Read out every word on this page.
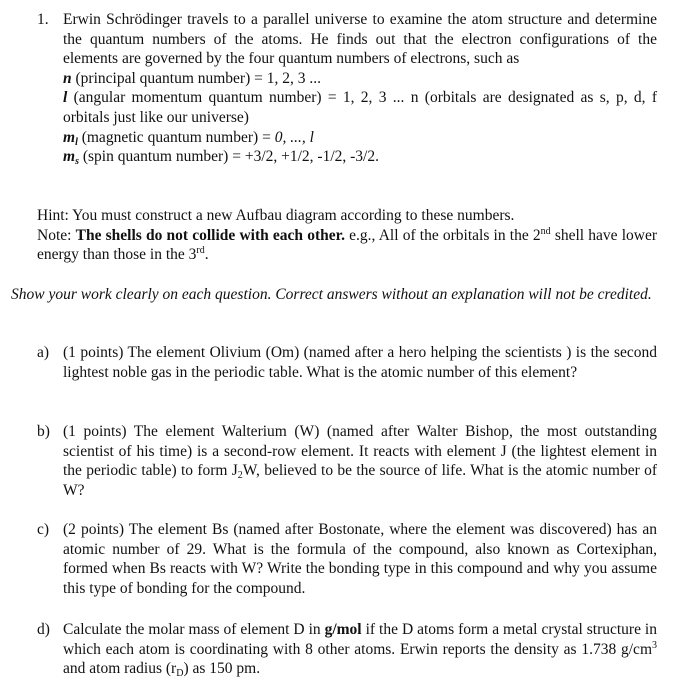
1. Erwin Schrödinger travels to a parallel universe to examine the atom structure and determine the quantum numbers of the atoms. He finds out that the electron configurations of the elements are governed by the four quantum numbers of electrons, such as
n (principal quantum number) = 1, 2, 3 ...
l (angular momentum quantum number) = 1, 2, 3 ... n (orbitals are designated as s, p, d, f orbitals just like our universe)
$m_l$ (magnetic quantum number) = 0, ..., l
$m_s$ (spin quantum number) = +3/2, +1/2, -1/2, -3/2.
Hint: You must construct a new Aufbau diagram according to these numbers.
Note: The shells do not collide with each other. e.g., All of the orbitals in the 2nd shell have lower energy than those in the 3rd.
Show your work clearly on each question. Correct answers without an explanation will not be credited.
a) (1 points) The element Olivium (Om) (named after a hero helping the scientists ) is the second lightest noble gas in the periodic table. What is the atomic number of this element?
b) (1 points) The element Walterium (W) (named after Walter Bishop, the most outstanding scientist of his time) is a second-row element. It reacts with element J (the lightest element in the periodic table) to form $J_2W$, believed to be the source of life. What is the atomic number of W?
c) (2 points) The element Bs (named after Bostonate, where the element was discovered) has an atomic number of 29. What is the formula of the compound, also known as Cortexiphan, formed when Bs reacts with W? Write the bonding type in this compound and why you assume this type of bonding for the compound.
d) Calculate the molar mass of element D in g/mol if the D atoms form a metal crystal structure in which each atom is coordinating with 8 other atoms. Erwin reports the density as 1.738 $g/cm^3$ and atom radius $(r_D)$ as 150 pm.
